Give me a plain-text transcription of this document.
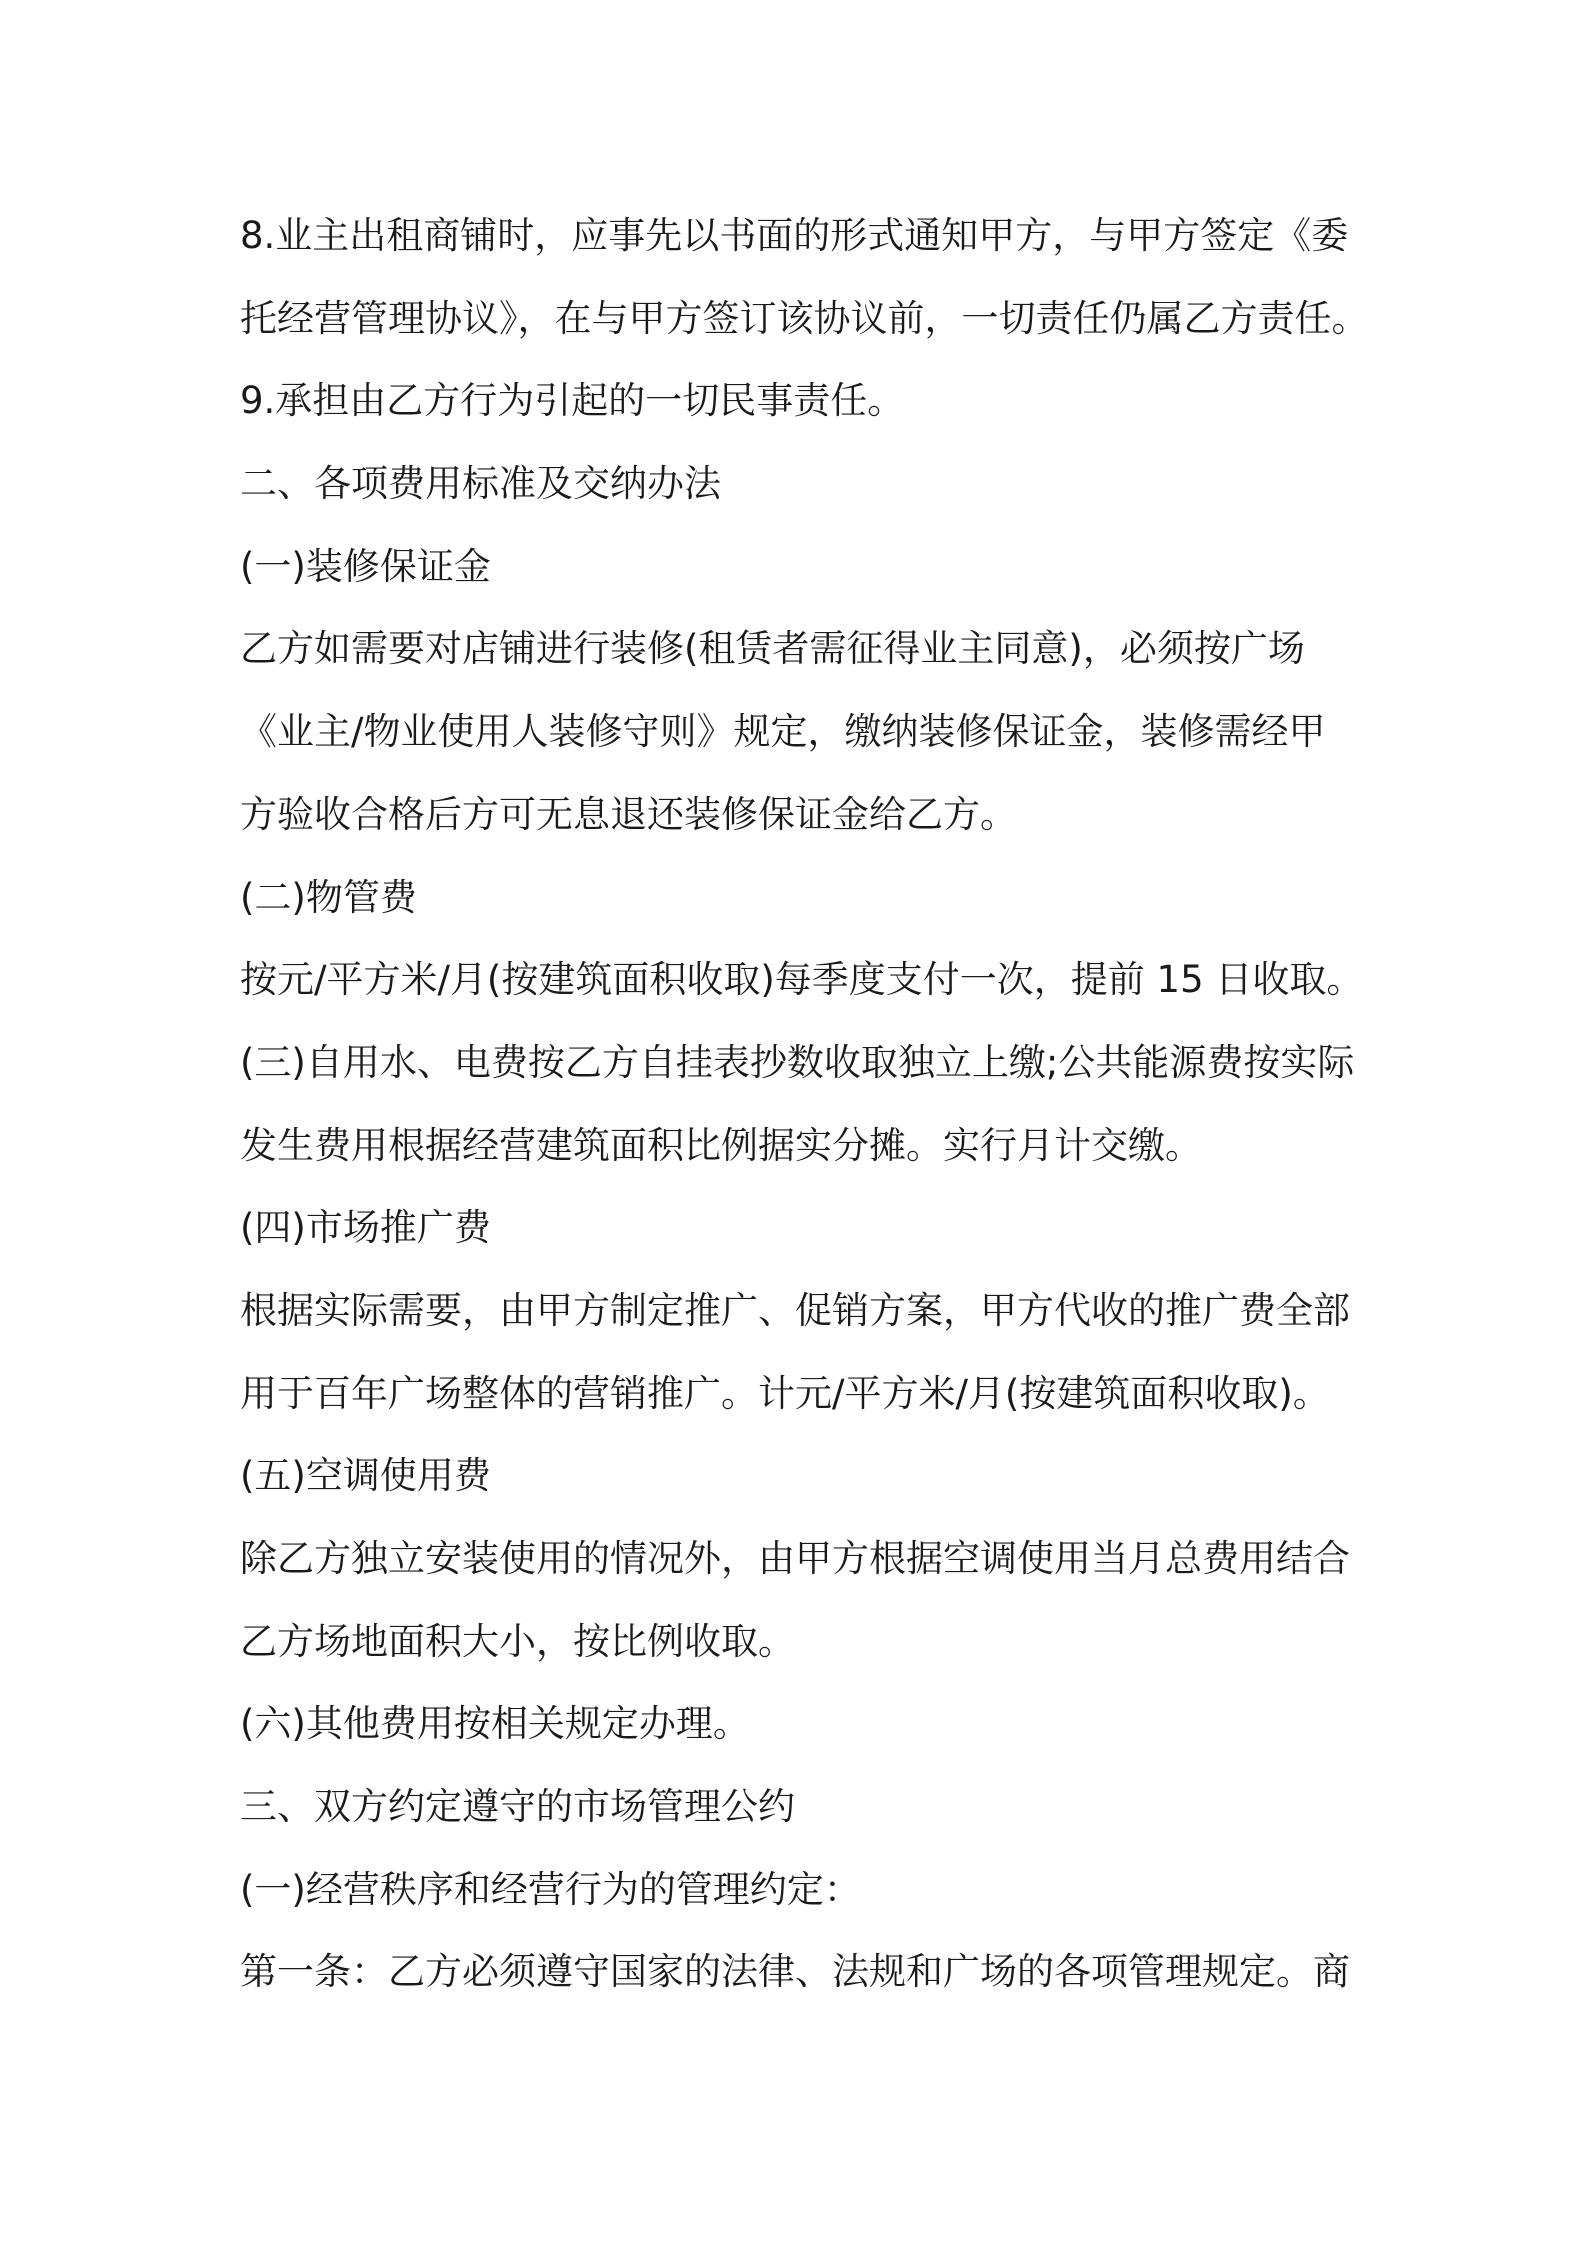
8.业主出租商铺时，应事先以书面的形式通知甲方，与甲方签定《委
托经营管理协议》，在与甲方签订该协议前，一切责任仍属乙方责任。
9.承担由乙方行为引起的一切民事责任。
二、各项费用标准及交纳办法
(一)装修保证金
乙方如需要对店铺进行装修(租赁者需征得业主同意)，必须按广场
《业主/物业使用人装修守则》规定，缴纳装修保证金，装修需经甲
方验收合格后方可无息退还装修保证金给乙方。
(二)物管费
按元/平方米/月(按建筑面积收取)每季度支付一次，提前 15 日收取。
(三)自用水、电费按乙方自挂表抄数收取独立上缴;公共能源费按实际
发生费用根据经营建筑面积比例据实分摊。实行月计交缴。
(四)市场推广费
根据实际需要，由甲方制定推广、促销方案，甲方代收的推广费全部
用于百年广场整体的营销推广。计元/平方米/月(按建筑面积收取)。
(五)空调使用费
除乙方独立安装使用的情况外，由甲方根据空调使用当月总费用结合
乙方场地面积大小，按比例收取。
(六)其他费用按相关规定办理。
三、双方约定遵守的市场管理公约
(一)经营秩序和经营行为的管理约定：
第一条：乙方必须遵守国家的法律、法规和广场的各项管理规定。商
